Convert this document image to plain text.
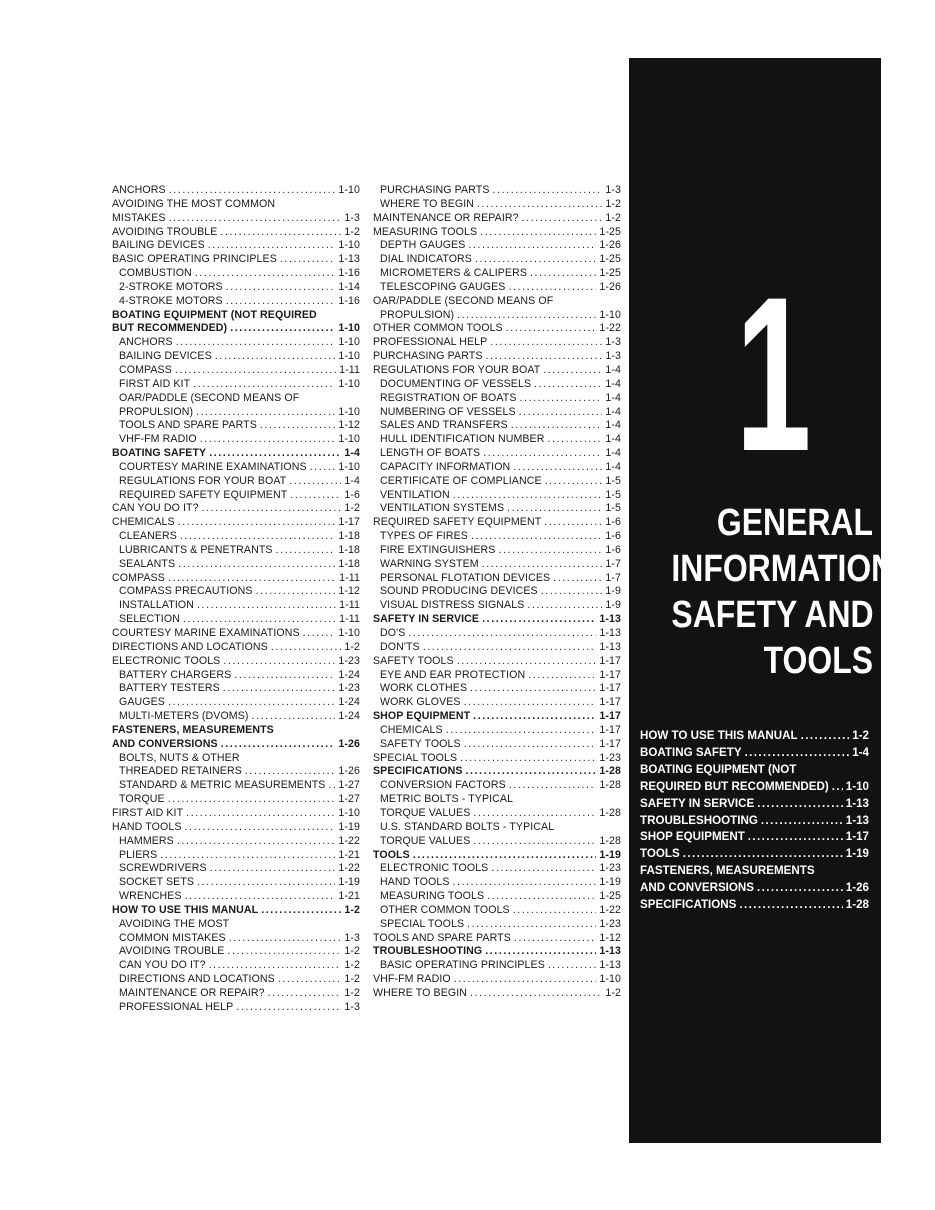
ANCHORS .....	1-10
AVOIDING THE MOST COMMON
MISTAKES .....	1-3
AVOIDING TROUBLE .....	1-2
BAILING DEVICES .....	1-10
BASIC OPERATING PRINCIPLES .....	1-13
COMBUSTION .....	1-16
2-STROKE MOTORS .....	1-14
4-STROKE MOTORS .....	1-16
BOATING EQUIPMENT (NOT REQUIRED
BUT RECOMMENDED) .....	1-10
ANCHORS .....	1-10
BAILING DEVICES .....	1-10
COMPASS .....	1-11
FIRST AID KIT .....	1-10
OAR/PADDLE (SECOND MEANS OF
PROPULSION) .....	1-10
TOOLS AND SPARE PARTS .....	1-12
VHF-FM RADIO .....	1-10
BOATING SAFETY .....	1-4
COURTESY MARINE EXAMINATIONS .....	1-10
REGULATIONS FOR YOUR BOAT .....	1-4
REQUIRED SAFETY EQUIPMENT .....	1-6
CAN YOU DO IT? .....	1-2
CHEMICALS .....	1-17
CLEANERS .....	1-18
LUBRICANTS & PENETRANTS .....	1-18
SEALANTS .....	1-18
COMPASS .....	1-11
COMPASS PRECAUTIONS .....	1-12
INSTALLATION .....	1-11
SELECTION .....	1-11
COURTESY MARINE EXAMINATIONS .....	1-10
DIRECTIONS AND LOCATIONS .....	1-2
ELECTRONIC TOOLS .....	1-23
BATTERY CHARGERS .....	1-24
BATTERY TESTERS .....	1-23
GAUGES .....	1-24
MULTI-METERS (DVOMS) .....	1-24
FASTENERS, MEASUREMENTS
AND CONVERSIONS .....	1-26
BOLTS, NUTS & OTHER
THREADED RETAINERS .....	1-26
STANDARD & METRIC MEASUREMENTS ..... 1-27
TORQUE .....	1-27
FIRST AID KIT .....	1-10
HAND TOOLS .....	1-19
HAMMERS .....	1-22
PLIERS .....	1-21
SCREWDRIVERS .....	1-22
SOCKET SETS .....	1-19
WRENCHES .....	1-21
HOW TO USE THIS MANUAL .....	1-2
AVOIDING THE MOST
COMMON MISTAKES .....	1-3
AVOIDING TROUBLE .....	1-2
CAN YOU DO IT? .....	1-2
DIRECTIONS AND LOCATIONS .....	1-2
MAINTENANCE OR REPAIR? .....	1-2
PROFESSIONAL HELP .....	1-3
PURCHASING PARTS .....	1-3
WHERE TO BEGIN .....	1-2
MAINTENANCE OR REPAIR? .....	1-2
MEASURING TOOLS .....	1-25
DEPTH GAUGES .....	1-26
DIAL INDICATORS .....	1-25
MICROMETERS & CALIPERS .....	1-25
TELESCOPING GAUGES .....	1-26
OAR/PADDLE (SECOND MEANS OF
PROPULSION) .....	1-10
OTHER COMMON TOOLS .....	1-22
PROFESSIONAL HELP .....	1-3
PURCHASING PARTS .....	1-3
REGULATIONS FOR YOUR BOAT .....	1-4
DOCUMENTING OF VESSELS .....	1-4
REGISTRATION OF BOATS .....	1-4
NUMBERING OF VESSELS .....	1-4
SALES AND TRANSFERS .....	1-4
HULL IDENTIFICATION NUMBER .....	1-4
LENGTH OF BOATS .....	1-4
CAPACITY INFORMATION .....	1-4
CERTIFICATE OF COMPLIANCE .....	1-5
VENTILATION .....	1-5
VENTILATION SYSTEMS .....	1-5
REQUIRED SAFETY EQUIPMENT .....	1-6
TYPES OF FIRES .....	1-6
FIRE EXTINGUISHERS .....	1-6
WARNING SYSTEM .....	1-7
PERSONAL FLOTATION DEVICES .....	1-7
SOUND PRODUCING DEVICES .....	1-9
VISUAL DISTRESS SIGNALS .....	1-9
SAFETY IN SERVICE .....	1-13
DO'S .....	1-13
DON'TS .....	1-13
SAFETY TOOLS .....	1-17
EYE AND EAR PROTECTION .....	1-17
WORK CLOTHES .....	1-17
WORK GLOVES .....	1-17
SHOP EQUIPMENT .....	1-17
CHEMICALS .....	1-17
SAFETY TOOLS .....	1-17
SPECIAL TOOLS .....	1-23
SPECIFICATIONS .....	1-28
CONVERSION FACTORS .....	1-28
METRIC BOLTS - TYPICAL
TORQUE VALUES .....	1-28
U.S. STANDARD BOLTS - TYPICAL
TORQUE VALUES .....	1-28
TOOLS .....	1-19
ELECTRONIC TOOLS .....	1-23
HAND TOOLS .....	1-19
MEASURING TOOLS .....	1-25
OTHER COMMON TOOLS .....	1-22
SPECIAL TOOLS .....	1-23
TOOLS AND SPARE PARTS .....	1-12
TROUBLESHOOTING .....	1-13
BASIC OPERATING PRINCIPLES .....	1-13
VHF-FM RADIO .....	1-10
WHERE TO BEGIN .....	1-2
1
GENERAL
INFORMATION,
SAFETY AND
TOOLS
HOW TO USE THIS MANUAL .....	1-2
BOATING SAFETY .....	1-4
BOATING EQUIPMENT (NOT
REQUIRED BUT RECOMMENDED) ..... 1-10
SAFETY IN SERVICE .....	1-13
TROUBLESHOOTING .....	1-13
SHOP EQUIPMENT .....	1-17
TOOLS .....	1-19
FASTENERS, MEASUREMENTS
AND CONVERSIONS .....	1-26
SPECIFICATIONS .....	1-28
